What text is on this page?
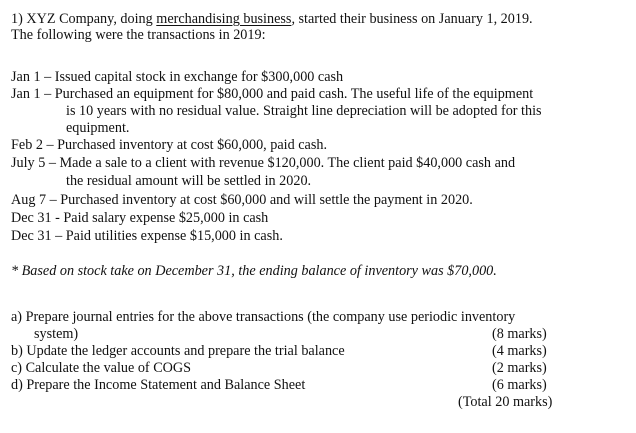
1) XYZ Company, doing merchandising business, started their business on January 1, 2019.
The following were the transactions in 2019:
Jan 1 – Issued capital stock in exchange for $300,000 cash
Jan 1 – Purchased an equipment for $80,000 and paid cash. The useful life of the equipment
is 10 years with no residual value. Straight line depreciation will be adopted for this
equipment.
Feb 2 – Purchased inventory at cost $60,000, paid cash.
July 5 – Made a sale to a client with revenue $120,000. The client paid $40,000 cash and
the residual amount will be settled in 2020.
Aug 7 – Purchased inventory at cost $60,000 and will settle the payment in 2020.
Dec 31 - Paid salary expense $25,000 in cash
Dec 31 – Paid utilities expense $15,000 in cash.
* Based on stock take on December 31, the ending balance of inventory was $70,000.
a) Prepare journal entries for the above transactions (the company use periodic inventory
system)	(8 marks)
b) Update the ledger accounts and prepare the trial balance	(4 marks)
c) Calculate the value of COGS	(2 marks)
d) Prepare the Income Statement and Balance Sheet	(6 marks)
(Total 20 marks)
